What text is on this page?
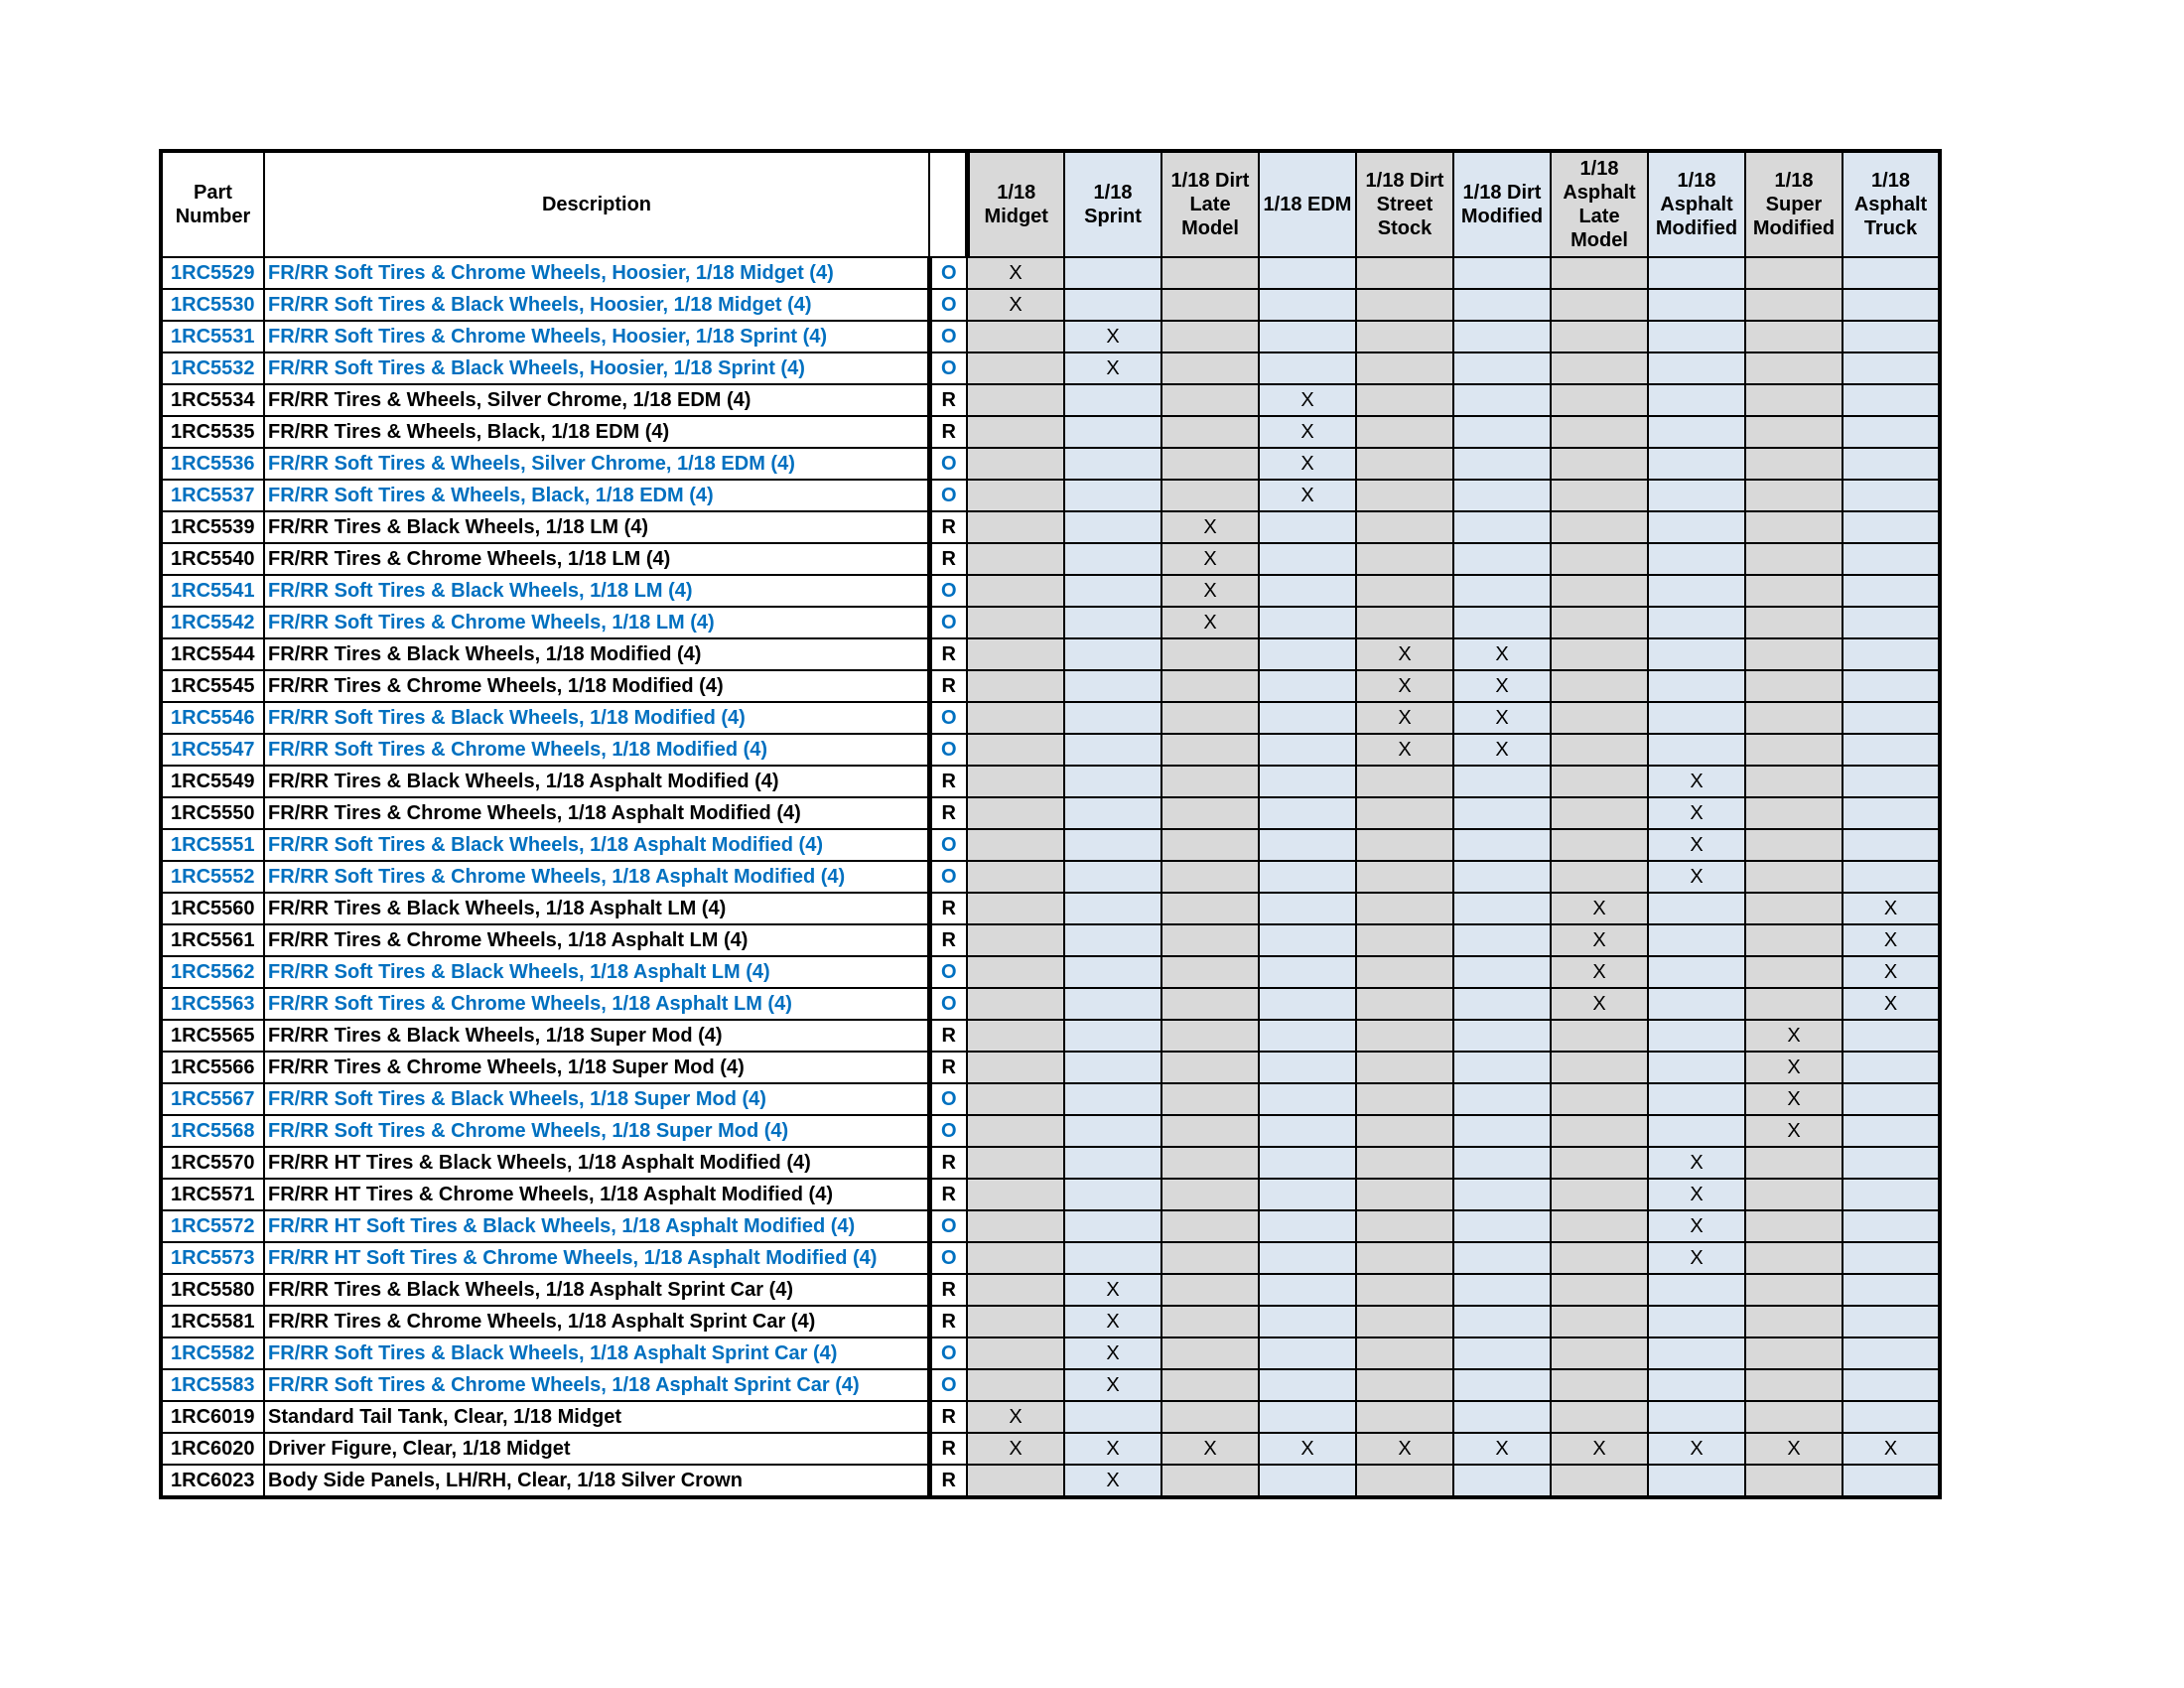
Part Number	Description		1/18 Midget	1/18 Sprint	1/18 Dirt Late Model	1/18 EDM	1/18 Dirt Street Stock	1/18 Dirt Modified	1/18 Asphalt Late Model	1/18 Asphalt Modified	1/18 Super Modified	1/18 Asphalt Truck
1RC5529	FR/RR Soft Tires & Chrome Wheels, Hoosier, 1/18 Midget (4)	O	X									
1RC5530	FR/RR Soft Tires & Black Wheels, Hoosier, 1/18 Midget (4)	O	X									
1RC5531	FR/RR Soft Tires & Chrome Wheels, Hoosier, 1/18 Sprint (4)	O		X								
1RC5532	FR/RR Soft Tires & Black Wheels, Hoosier, 1/18 Sprint (4)	O		X								
1RC5534	FR/RR Tires & Wheels, Silver Chrome, 1/18 EDM (4)	R				X						
1RC5535	FR/RR Tires & Wheels, Black, 1/18 EDM (4)	R				X						
1RC5536	FR/RR Soft Tires & Wheels, Silver Chrome, 1/18 EDM (4)	O				X						
1RC5537	FR/RR Soft Tires & Wheels, Black, 1/18 EDM (4)	O				X						
1RC5539	FR/RR Tires & Black Wheels, 1/18 LM (4)	R			X							
1RC5540	FR/RR Tires & Chrome Wheels, 1/18 LM (4)	R			X							
1RC5541	FR/RR Soft Tires & Black Wheels, 1/18 LM (4)	O			X							
1RC5542	FR/RR Soft Tires & Chrome Wheels, 1/18 LM (4)	O			X							
1RC5544	FR/RR Tires & Black Wheels, 1/18 Modified (4)	R					X	X				
1RC5545	FR/RR Tires & Chrome Wheels, 1/18 Modified (4)	R					X	X				
1RC5546	FR/RR Soft Tires & Black Wheels, 1/18 Modified (4)	O					X	X				
1RC5547	FR/RR Soft Tires & Chrome Wheels, 1/18 Modified (4)	O					X	X				
1RC5549	FR/RR Tires & Black Wheels, 1/18 Asphalt Modified (4)	R								X		
1RC5550	FR/RR Tires & Chrome Wheels, 1/18 Asphalt Modified (4)	R								X		
1RC5551	FR/RR Soft Tires & Black Wheels, 1/18 Asphalt Modified (4)	O								X		
1RC5552	FR/RR Soft Tires & Chrome Wheels, 1/18 Asphalt Modified (4)	O								X		
1RC5560	FR/RR Tires & Black Wheels, 1/18 Asphalt LM (4)	R							X			X
1RC5561	FR/RR Tires & Chrome Wheels, 1/18 Asphalt LM (4)	R							X			X
1RC5562	FR/RR Soft Tires & Black Wheels, 1/18 Asphalt LM (4)	O							X			X
1RC5563	FR/RR Soft Tires & Chrome Wheels, 1/18 Asphalt LM (4)	O							X			X
1RC5565	FR/RR Tires & Black Wheels, 1/18 Super Mod (4)	R									X	
1RC5566	FR/RR Tires & Chrome Wheels, 1/18 Super Mod (4)	R									X	
1RC5567	FR/RR Soft Tires & Black Wheels, 1/18 Super Mod (4)	O									X	
1RC5568	FR/RR Soft Tires & Chrome Wheels, 1/18 Super Mod (4)	O									X	
1RC5570	FR/RR HT Tires & Black Wheels, 1/18 Asphalt Modified (4)	R								X		
1RC5571	FR/RR HT Tires & Chrome Wheels, 1/18 Asphalt Modified (4)	R								X		
1RC5572	FR/RR HT Soft Tires & Black Wheels, 1/18 Asphalt Modified (4)	O								X		
1RC5573	FR/RR HT Soft Tires & Chrome Wheels, 1/18 Asphalt Modified (4)	O								X		
1RC5580	FR/RR Tires & Black Wheels, 1/18 Asphalt Sprint Car (4)	R		X								
1RC5581	FR/RR Tires & Chrome Wheels, 1/18 Asphalt Sprint Car (4)	R		X								
1RC5582	FR/RR Soft Tires & Black Wheels, 1/18 Asphalt Sprint Car (4)	O		X								
1RC5583	FR/RR Soft Tires & Chrome Wheels, 1/18 Asphalt Sprint Car (4)	O		X								
1RC6019	Standard Tail Tank, Clear, 1/18 Midget	R	X									
1RC6020	Driver Figure, Clear, 1/18 Midget	R	X	X	X	X	X	X	X	X	X	X
1RC6023	Body Side Panels, LH/RH, Clear, 1/18 Silver Crown	R		X								
